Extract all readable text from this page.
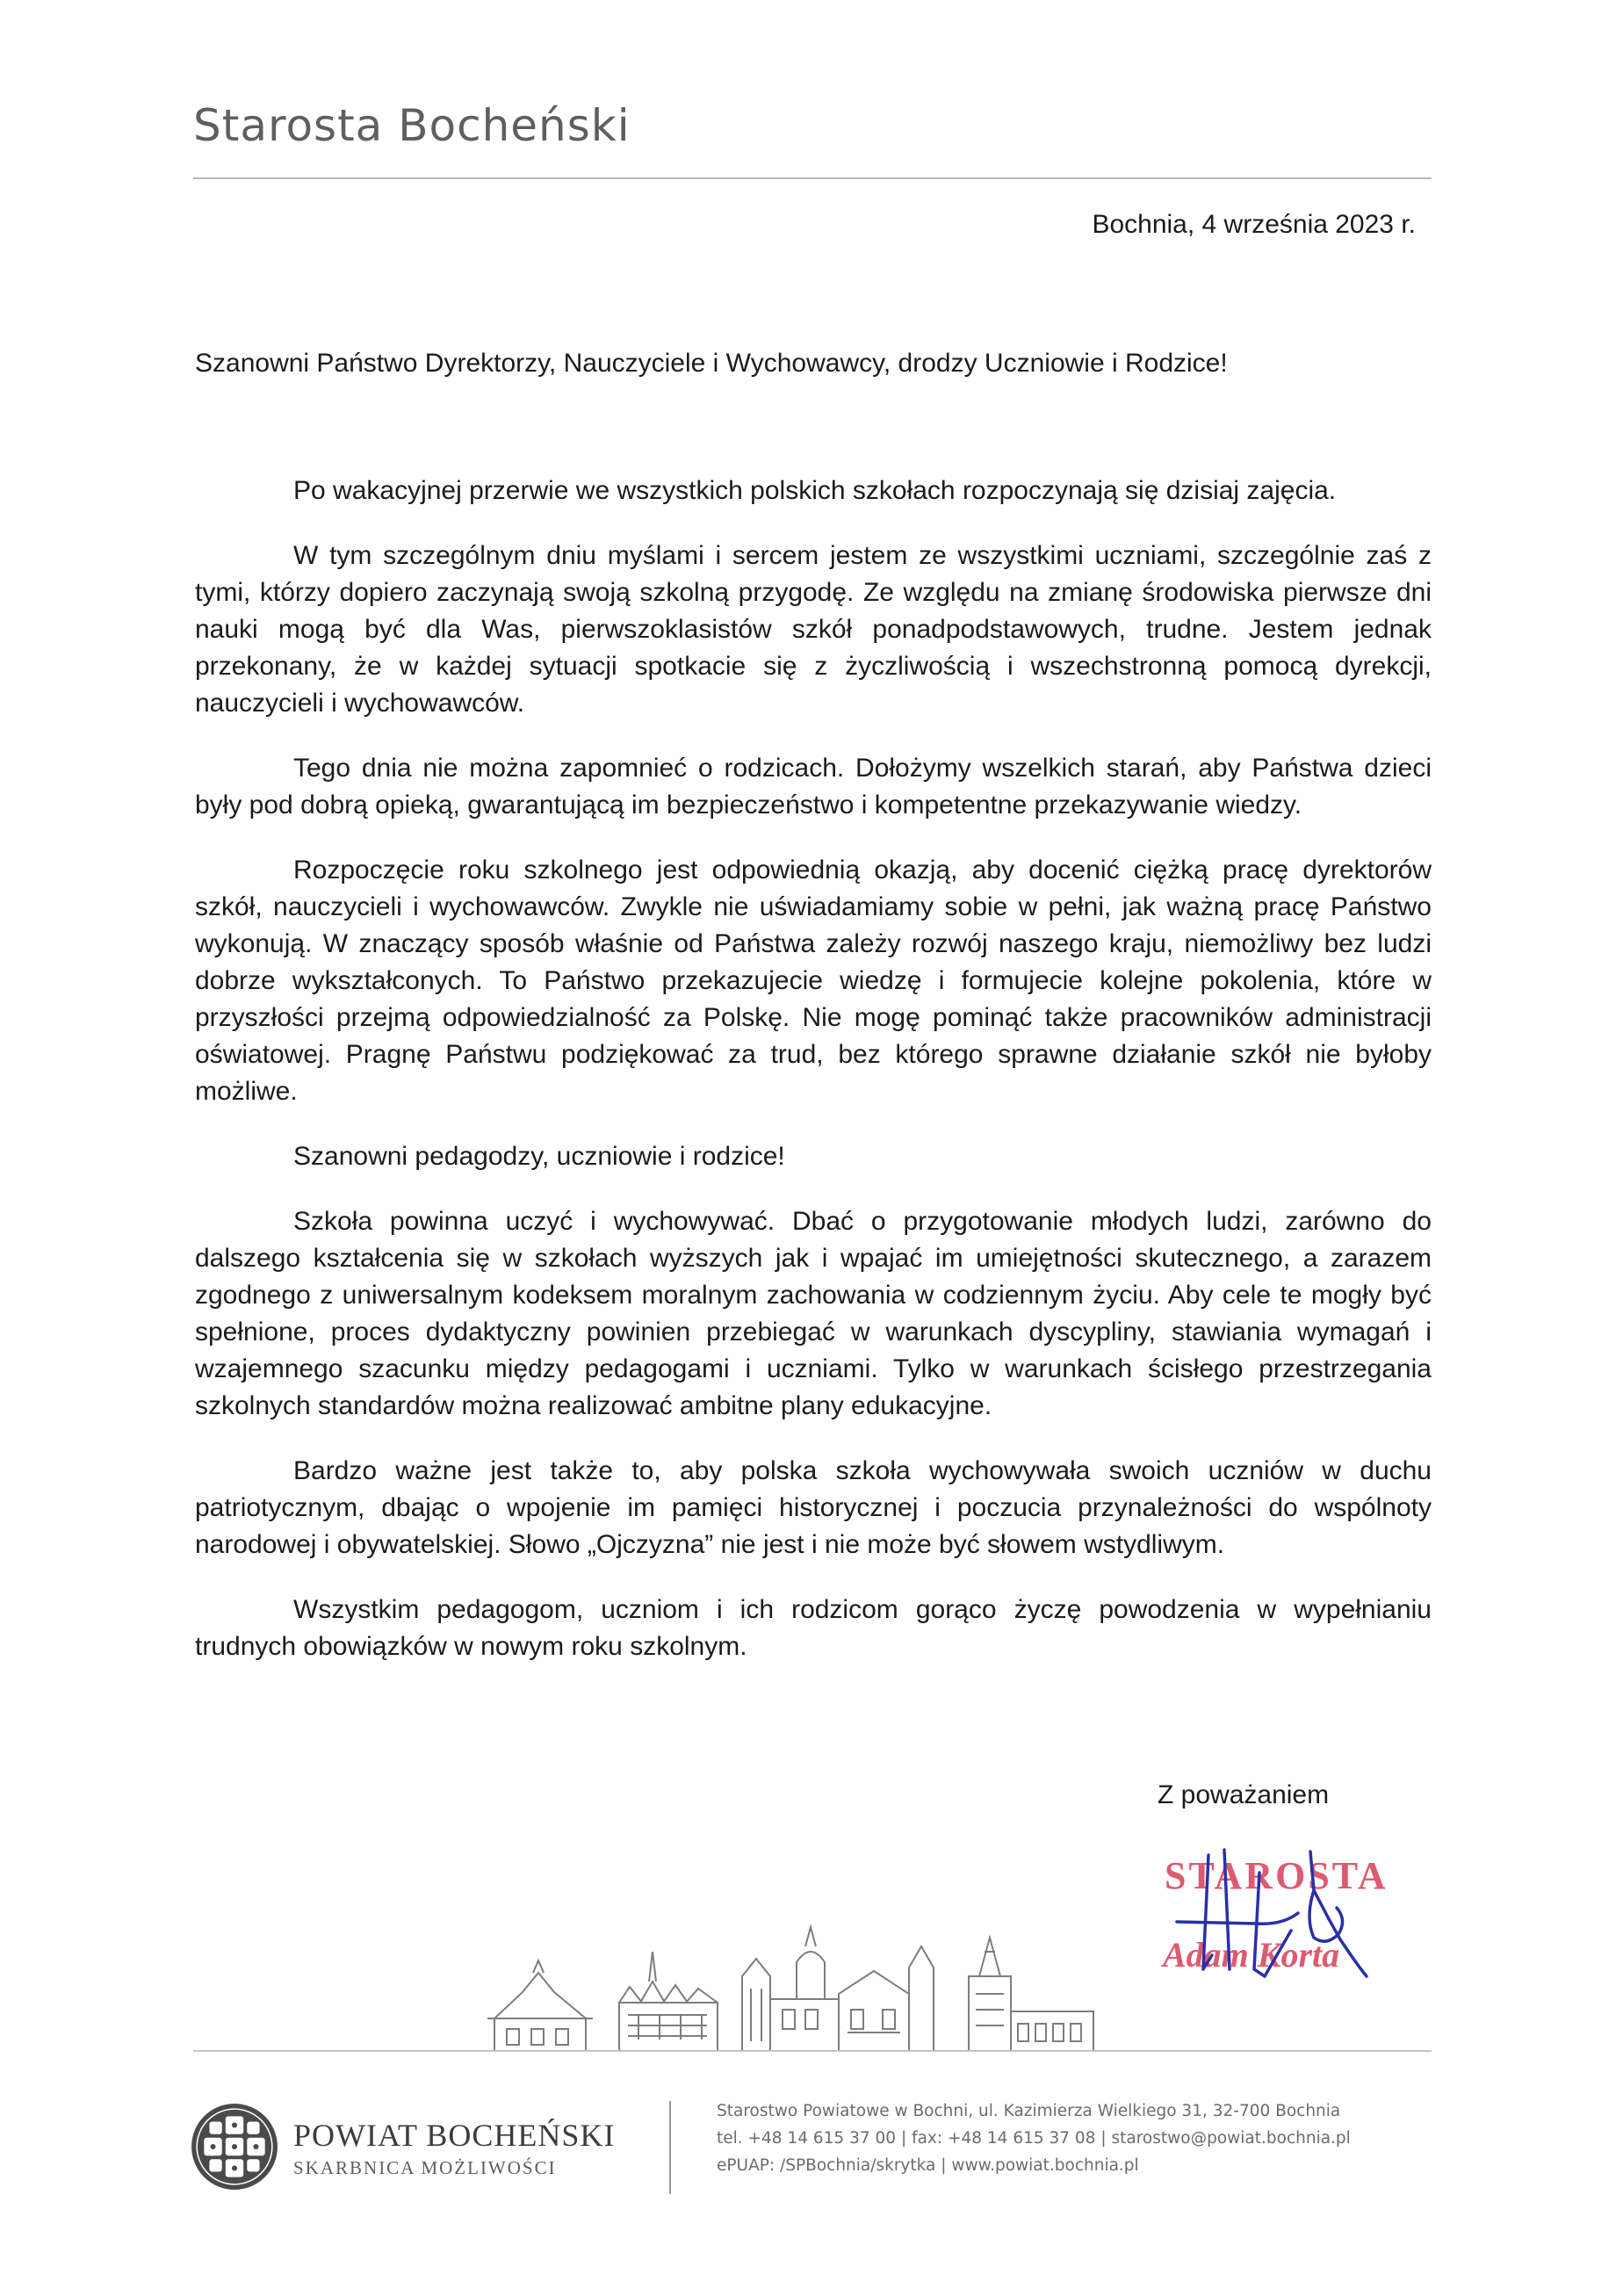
Starosta Bocheński
Bochnia, 4 września 2023 r.
Szanowni Państwo Dyrektorzy, Nauczyciele i Wychowawcy, drodzy Uczniowie i Rodzice!

Po wakacyjnej przerwie we wszystkich polskich szkołach rozpoczynają się dzisiaj zajęcia.

W tym szczególnym dniu myślami i sercem jestem ze wszystkimi uczniami, szczególnie zaś z tymi, którzy dopiero zaczynają swoją szkolną przygodę. Ze względu na zmianę środowiska pierwsze dni nauki mogą być dla Was, pierwszoklasistów szkół ponadpodstawowych, trudne. Jestem jednak przekonany, że w każdej sytuacji spotkacie się z życzliwością i wszechstronną pomocą dyrekcji, nauczycieli i wychowawców.

Tego dnia nie można zapomnieć o rodzicach. Dołożymy wszelkich starań, aby Państwa dzieci były pod dobrą opieką, gwarantującą im bezpieczeństwo i kompetentne przekazywanie wiedzy.

Rozpoczęcie roku szkolnego jest odpowiednią okazją, aby docenić ciężką pracę dyrektorów szkół, nauczycieli i wychowawców. Zwykle nie uświadamiamy sobie w pełni, jak ważną pracę Państwo wykonują. W znaczący sposób właśnie od Państwa zależy rozwój naszego kraju, niemożliwy bez ludzi dobrze wykształconych. To Państwo przekazujecie wiedzę i formujecie kolejne pokolenia, które w przyszłości przejmą odpowiedzialność za Polskę. Nie mogę pominąć także pracowników administracji oświatowej. Pragnę Państwu podziękować za trud, bez którego sprawne działanie szkół nie byłoby możliwe.

Szanowni pedagodzy, uczniowie i rodzice!

Szkoła powinna uczyć i wychowywać. Dbać o przygotowanie młodych ludzi, zarówno do dalszego kształcenia się w szkołach wyższych jak i wpajać im umiejętności skutecznego, a zarazem zgodnego z uniwersalnym kodeksem moralnym zachowania w codziennym życiu. Aby cele te mogły być spełnione, proces dydaktyczny powinien przebiegać w warunkach dyscypliny, stawiania wymagań i wzajemnego szacunku między pedagogami i uczniami. Tylko w warunkach ścisłego przestrzegania szkolnych standardów można realizować ambitne plany edukacyjne.

Bardzo ważne jest także to, aby polska szkoła wychowywała swoich uczniów w duchu patriotycznym, dbając o wpojenie im pamięci historycznej i poczucia przynależności do wspólnoty narodowej i obywatelskiej. Słowo „Ojczyzna” nie jest i nie może być słowem wstydliwym.

Wszystkim pedagogom, uczniom i ich rodzicom gorąco życzę powodzenia w wypełnianiu trudnych obowiązków w nowym roku szkolnym.

Z poważaniem
STAROSTA
Adam Korta
POWIAT BOCHEŃSKI
SKARBNICA MOŻLIWOŚCI
Starostwo Powiatowe w Bochni, ul. Kazimierza Wielkiego 31, 32-700 Bochnia
tel. +48 14 615 37 00 | fax: +48 14 615 37 08 | starostwo@powiat.bochnia.pl
ePUAP: /SPBochnia/skrytka | www.powiat.bochnia.pl
